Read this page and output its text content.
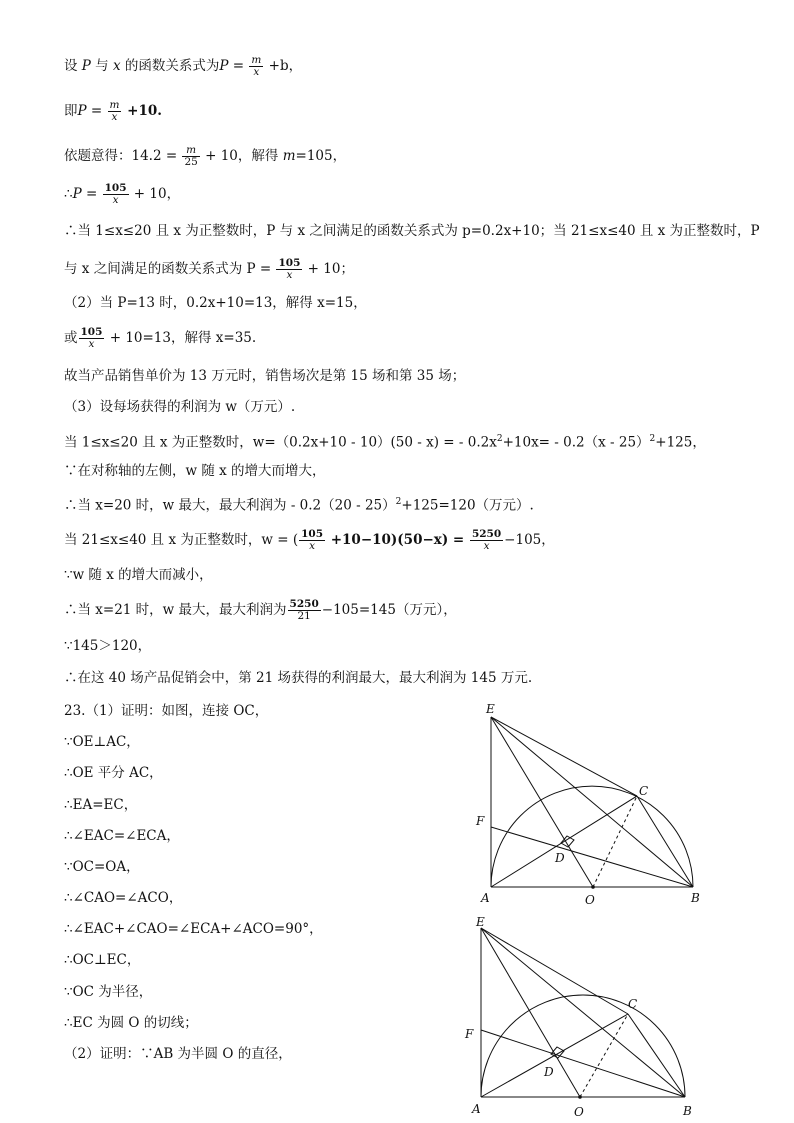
设 P 与 x 的函数关系式为$P = \frac{m}{x} +b$，
即$P = \frac{m}{x} +10$.
依题意得：$14.2 = \frac{m}{25} + 10$，解得 m=105，
∴P = $\frac{105}{x} + 10$，
∴当 1≤x≤20 且 x 为正整数时，P 与 x 之间满足的函数关系式为 p=0.2x+10；当 21≤x≤40 且 x 为正整数时，P
与 x 之间满足的函数关系式为 $P = \frac{105}{x} + 10$；
（2）当 P=13 时，0.2x+10=13，解得 x=15，
或 $\frac{105}{x} + 10=13$，解得 x=35.
故当产品销售单价为 13 万元时，销售场次是第 15 场和第 35 场；
（3）设每场获得的利润为 w（万元）.
当 1≤x≤20 且 x 为正整数时，w=（0.2x+10 - 10）(50 - x) = - $0.2x^2+10x= - 0.2(x - 25)^2+125$，
∵在对称轴的左侧，w 随 x 的增大而增大，
∴当 x=20 时，w 最大，最大利润为 - 0.2（20 - 25）$^2$+125=120（万元）.
当 21≤x≤40 且 x 为正整数时，w = ( $\frac{105}{x} +10-10)(50-x) = \frac{5250}{x} -105$，
∵w 随 x 的增大而减小，
∴当 x=21 时，w 最大，最大利润为 $\frac{5250}{21} -105=145$（万元），
∵145＞120，
∴在这 40 场产品促销会中，第 21 场获得的利润最大，最大利润为 145 万元.
23.（1）证明：如图，连接 OC，
∵OE⊥AC，
∴OE 平分 AC，
∴EA=EC，
∴∠EAC=∠ECA，
∵OC=OA，
∴∠CAO=∠ACO，
∴∠EAC+∠CAO=∠ECA+∠ACO=90°，
∴OC⊥EC，
∵OC 为半径，
∴EC 为圆 O 的切线；
（2）证明：∵AB 为半圆 O 的直径，
E
C
F
D
A	O	B
E
C
F
D
A	O	B
